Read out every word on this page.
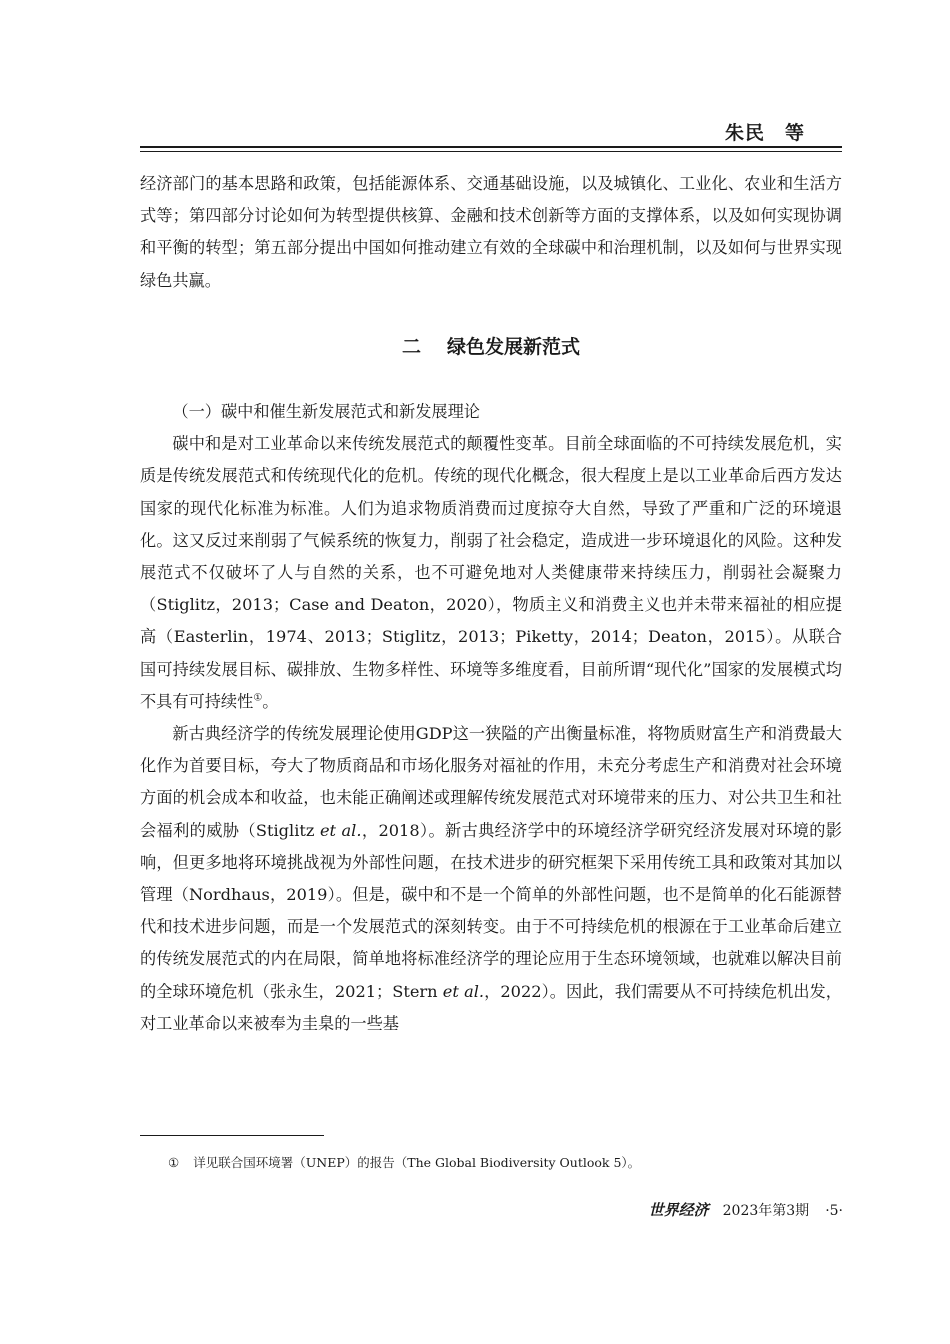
朱民　等

经济部门的基本思路和政策，包括能源体系、交通基础设施，以及城镇化、工业化、农业和生活方式等；第四部分讨论如何为转型提供核算、金融和技术创新等方面的支撑体系，以及如何实现协调和平衡的转型；第五部分提出中国如何推动建立有效的全球碳中和治理机制，以及如何与世界实现绿色共赢。

二 绿色发展新范式

（一）碳中和催生新发展范式和新发展理论

碳中和是对工业革命以来传统发展范式的颠覆性变革。目前全球面临的不可持续发展危机，实质是传统发展范式和传统现代化的危机。传统的现代化概念，很大程度上是以工业革命后西方发达国家的现代化标准为标准。人们为追求物质消费而过度掠夺大自然，导致了严重和广泛的环境退化。这又反过来削弱了气候系统的恢复力，削弱了社会稳定，造成进一步环境退化的风险。这种发展范式不仅破坏了人与自然的关系，也不可避免地对人类健康带来持续压力，削弱社会凝聚力（Stiglitz，2013；Case and Deaton，2020），物质主义和消费主义也并未带来福祉的相应提高（Easterlin，1974、2013；Stiglitz，2013；Piketty，2014；Deaton，2015）。从联合国可持续发展目标、碳排放、生物多样性、环境等多维度看，目前所谓“现代化”国家的发展模式均不具有可持续性①。

新古典经济学的传统发展理论使用GDP这一狭隘的产出衡量标准，将物质财富生产和消费最大化作为首要目标，夸大了物质商品和市场化服务对福祉的作用，未充分考虑生产和消费对社会环境方面的机会成本和收益，也未能正确阐述或理解传统发展范式对环境带来的压力、对公共卫生和社会福利的威胁（Stiglitz et al.，2018）。新古典经济学中的环境经济学研究经济发展对环境的影响，但更多地将环境挑战视为外部性问题，在技术进步的研究框架下采用传统工具和政策对其加以管理（Nordhaus，2019）。但是，碳中和不是一个简单的外部性问题，也不是简单的化石能源替代和技术进步问题，而是一个发展范式的深刻转变。由于不可持续危机的根源在于工业革命后建立的传统发展范式的内在局限，简单地将标准经济学的理论应用于生态环境领域，也就难以解决目前的全球环境危机（张永生，2021；Stern et al.，2022）。因此，我们需要从不可持续危机出发，对工业革命以来被奉为圭臬的一些基

① 详见联合国环境署（UNEP）的报告（The Global Biodiversity Outlook 5）。
世界经济 2023年第3期 ·5·
